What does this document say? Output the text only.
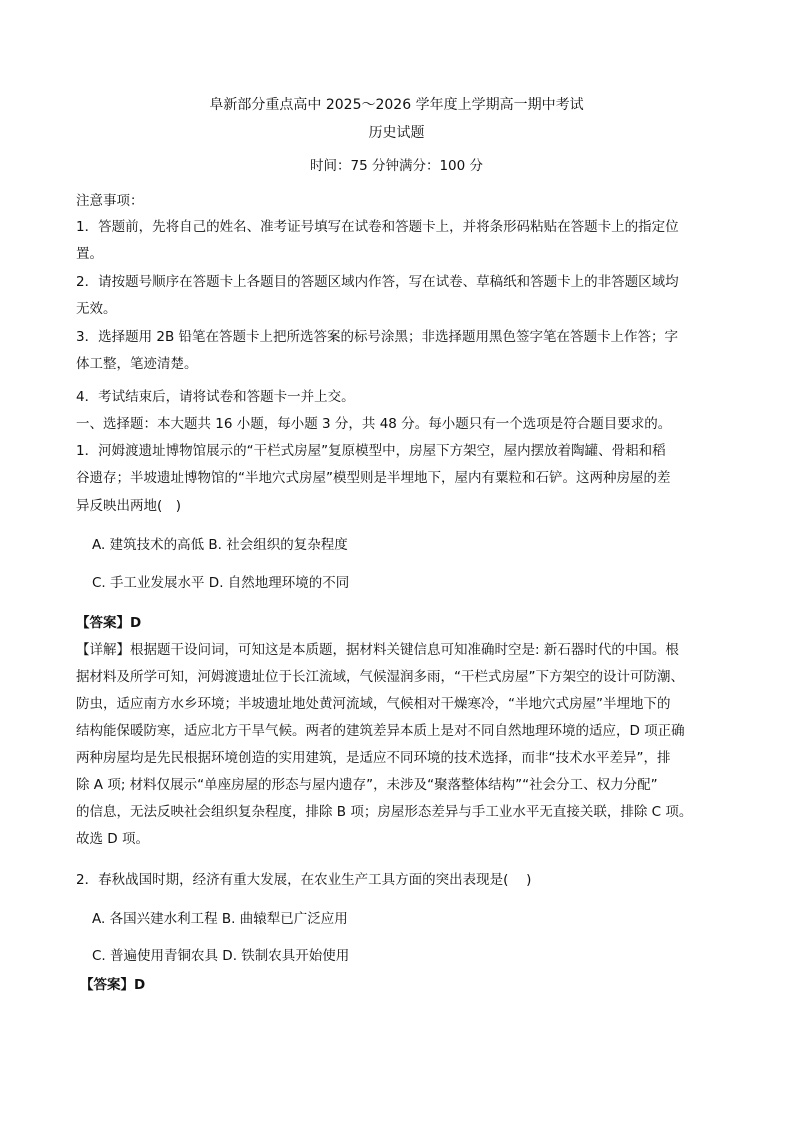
阜新部分重点高中 2025～2026 学年度上学期高一期中考试
历史试题
时间：75 分钟满分：100 分
注意事项：
1．答题前，先将自己的姓名、准考证号填写在试卷和答题卡上，并将条形码粘贴在答题卡上的指定位
置。
2．请按题号顺序在答题卡上各题目的答题区域内作答，写在试卷、草稿纸和答题卡上的非答题区域均
无效。
3．选择题用 2B 铅笔在答题卡上把所选答案的标号涂黑；非选择题用黑色签字笔在答题卡上作答；字
体工整，笔迹清楚。
4．考试结束后，请将试卷和答题卡一并上交。
一、选择题：本大题共 16 小题，每小题 3 分，共 48 分。每小题只有一个选项是符合题目要求的。
1．河姆渡遗址博物馆展示的“干栏式房屋”复原模型中，房屋下方架空，屋内摆放着陶罐、骨耜和稻
谷遗存；半坡遗址博物馆的“半地穴式房屋”模型则是半埋地下，屋内有粟粒和石铲。这两种房屋的差
异反映出两地(　)
A. 建筑技术的高低 B. 社会组织的复杂程度
C. 手工业发展水平 D. 自然地理环境的不同
【答案】D
【详解】根据题干设问词，可知这是本质题，据材料关键信息可知准确时空是: 新石器时代的中国。根
据材料及所学可知，河姆渡遗址位于长江流域，气候湿润多雨，“干栏式房屋”下方架空的设计可防潮、
防虫，适应南方水乡环境；半坡遗址地处黄河流域，气候相对干燥寒冷，“半地穴式房屋”半埋地下的
结构能保暖防寒，适应北方干旱气候。两者的建筑差异本质上是对不同自然地理环境的适应，D 项正确
两种房屋均是先民根据环境创造的实用建筑，是适应不同环境的技术选择，而非“技术水平差异”，排
除 A 项; 材料仅展示“单座房屋的形态与屋内遗存”，未涉及“聚落整体结构”“社会分工、权力分配”
的信息，无法反映社会组织复杂程度，排除 B 项；房屋形态差异与手工业水平无直接关联，排除 C 项。
故选 D 项。
2．春秋战国时期，经济有重大发展，在农业生产工具方面的突出表现是(　 )
A. 各国兴建水利工程 B. 曲辕犁已广泛应用
C. 普遍使用青铜农具 D. 铁制农具开始使用
【答案】D
